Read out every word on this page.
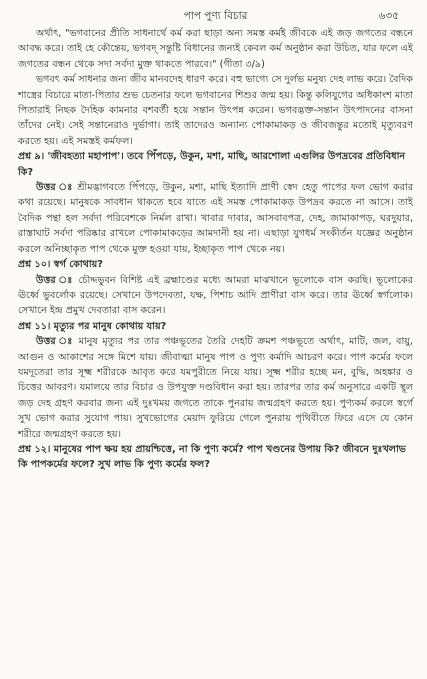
পাপ পুণ্য বিচার	৬৩৫

অর্থাৎ, "ভগবানের প্রীতি সাধনার্থে কর্ম করা ছাড়া অন্য সমস্ত কর্মই জীবকে এই জড় জগতের বন্ধনে আবদ্ধ করে। তাই হে কৌন্তেয়, ভগবদ্ সন্তুষ্টি বিধানের জন্যই কেবল কর্ম অনুষ্ঠান করা উচিত, যার ফলে এই জগতের বন্ধন থেকে সদা সর্বদা মুক্ত থাকতে পারবে।" (গীতা ৩/৯)

ভগবৎ কর্ম সাধনার জন্য জীব মানবদেহ ধারণ করে। বহু ভাগ্যে সে দুর্লভ মনুষ্য দেহ লাভ করে। বৈদিক শাস্ত্রের বিচারে মাতা-পিতার শুভ চেতনার ফলে ভগবানের শিশুর জন্ম হয়। কিন্তু কলিযুগের অধিকাংশ মাতা পিতারাই নিছক দৈহিক কামনার বশবর্তী হয়ে সন্তান উৎপন্ন করেন। ভগবদ্ভক্ত-সন্তান উৎপাদনের বাসনা তাঁদের নেই। সেই সন্তানেরাও দুর্ভাগা। তাই তাদেরও অন্যান্য পোকামাকড় ও জীবজন্তুর মতোই মৃত্যুবরণ করতে হয়। এই সমস্তই কর্মফল।

প্রশ্ন ৯। 'জীবহত্যা মহাপাপ'। তবে পিঁপড়ে, উকুন, মশা, মাছি, আরশোলা এগুলির উপদ্রবের প্রতিবিধান কি?

উত্তর ঃ শ্রীমদ্ভাগবতে পিঁপড়ে, উকুন, মশা, মাছি ইত্যাদি প্রাণী স্বেদ হেতু পাপের ফল ভোগ করার কথা রয়েছে। মানুষকে সাবধান থাকতে হবে যাতে এই সমস্ত পোকামাকড় উপদ্রব করতে না আসে। তাই বৈদিক পন্থা হল সর্বদা পরিবেশকে নির্মল রাখা। খাবার দাবার, আসবাবপত্র, দেহ, জামাকাপড়, ঘরদুয়ার, রাস্তাঘাট সর্বদা পরিষ্কার রাখলে পোকামাকড়ের আমদানী হয় না। এছাড়া যুগধর্ম সংকীর্তন যজ্ঞের অনুষ্ঠান করলে অনিচ্ছাকৃত পাপ থেকে মুক্ত হওয়া যায়, ইচ্ছাকৃত পাপ থেকে নয়।

প্রশ্ন ১০। স্বর্গ কোথায়?

উত্তর ঃ চৌদ্দভুবন বিশিষ্ট এই ব্রহ্মাণ্ডের মধ্যে আমরা মাঝখানে ভূলোকে বাস করছি। ভূলোকের ঊর্ধ্বে ভুবর্লোক রয়েছে। সেখানে উপদেবতা, যক্ষ, পিশাচ আদি প্রাণীরা বাস করে। তার ঊর্ধ্বে স্বর্গলোক। সেখানে ইন্দ্র প্রমুখ দেবতারা বাস করেন।

প্রশ্ন ১১। মৃত্যুর পর মানুষ কোথায় যায়?

উত্তর ঃ মানুষ মৃত্যুর পর তার পঞ্চভূতের তৈরি দেহটি ক্রমশ পঞ্চভূতে অর্থাৎ, মাটি, জল, বায়ু, আগুন ও আকাশের সঙ্গে মিশে যায়। জীবাত্মা মানুষ পাপ ও পুণ্য কর্মাদি আচরণ করে। পাপ কর্মের ফলে যমদূতেরা তার সূক্ষ্ম শরীরকে আবৃত করে যমপুরীতে নিয়ে যায়। সূক্ষ্ম শরীর হচ্ছে মন, বুদ্ধি, অহঙ্কার ও চিত্তের আবরণ। যমালয়ে তার বিচার ও উপযুক্ত দণ্ডবিধান করা হয়। তারপর তার কর্ম অনুসারে একটি স্থূল জড় দেহ গ্রহণ করবার জন্য এই দুঃখময় জগতে তাকে পুনরায় জন্মগ্রহণ করতে হয়। পুণ্যকর্ম করলে স্বর্গে সুখ ভোগ করার সুযোগ পায়। সুখভোগের মেয়াদ ফুরিয়ে গেলে পুনরায় পৃথিবীতে ফিরে এসে যে কোন শরীরে জন্মগ্রহণ করতে হয়।

প্রশ্ন ১২। মানুষের পাপ ক্ষয় হয় প্রায়শ্চিত্তে, না কি পুণ্য কর্মে? পাপ খণ্ডনের উপায় কি? জীবনে দুঃখলাভ কি পাপকর্মের ফলে? সুখ লাভ কি পুণ্য কর্মের ফল?
